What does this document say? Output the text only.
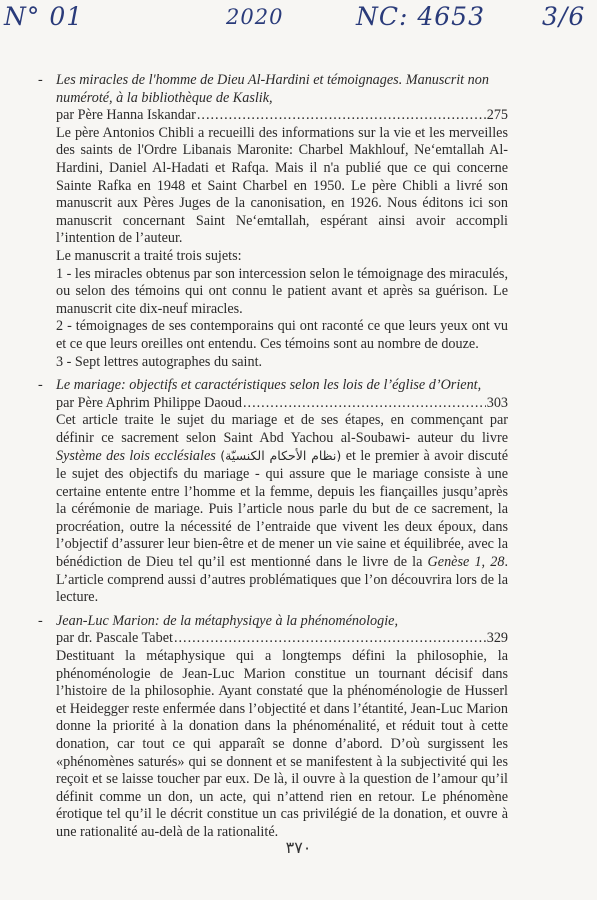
N° 01	2020	NC: 4653 3/6
- Les miracles de l'homme de Dieu Al-Hardini et témoignages. Manuscrit non numéroté, à la bibliothèque de Kaslik,
par Père Hanna Iskandar .....	275

Le père Antonios Chibli a recueilli des informations sur la vie et les merveilles des saints de l'Ordre Libanais Maronite: Charbel Makhlouf, Ne‘emtallah Al-Hardini, Daniel Al-Hadati et Rafqa. Mais il n'a publié que ce qui concerne Sainte Rafka en 1948 et Saint Charbel en 1950. Le père Chibli a livré son manuscrit aux Pères Juges de la canonisation, en 1926. Nous éditons ici son manuscrit concernant Saint Ne‘emtallah, espérant ainsi avoir accompli l’intention de l’auteur.

Le manuscrit a traité trois sujets:

1 - les miracles obtenus par son intercession selon le témoignage des miraculés, ou selon des témoins qui ont connu le patient avant et après sa guérison. Le manuscrit cite dix-neuf miracles.

2 - témoignages de ses contemporains qui ont raconté ce que leurs yeux ont vu et ce que leurs oreilles ont entendu. Ces témoins sont au nombre de douze.

3 - Sept lettres autographes du saint.

- Le mariage: objectifs et caractéristiques selon les lois de l’église d’Orient,
par Père Aphrim Philippe Daoud .....	303

Cet article traite le sujet du mariage et de ses étapes, en commençant par définir ce sacrement selon Saint Abd Yachou al-Soubawi- auteur du livre Système des lois ecclésiales (نظام الأحكام الكنسيّة) et le premier à avoir discuté le sujet des objectifs du mariage - qui assure que le mariage consiste à une certaine entente entre l’homme et la femme, depuis les fiançailles jusqu’après la cérémonie de mariage. Puis l’article nous parle du but de ce sacrement, la procréation, outre la nécessité de l’entraide que vivent les deux époux, dans l’objectif d’assurer leur bien-être et de mener un vie saine et équilibrée, avec la bénédiction de Dieu tel qu’il est mentionné dans le livre de la Genèse 1, 28. L’article comprend aussi d’autres problématiques que l’on découvrira lors de la lecture.

- Jean-Luc Marion: de la métaphysiqye à la phénoménologie,
par dr. Pascale Tabet .....	329

Destituant la métaphysique qui a longtemps défini la philosophie, la phénoménologie de Jean-Luc Marion constitue un tournant décisif dans l’histoire de la philosophie. Ayant constaté que la phénoménologie de Husserl et Heidegger reste enfermée dans l’objectité et dans l’étantité, Jean-Luc Marion donne la priorité à la donation dans la phénoménalité, et réduit tout à cette donation, car tout ce qui apparaît se donne d’abord. D’où surgissent les «phénomènes saturés» qui se donnent et se manifestent à la subjectivité qui les reçoit et se laisse toucher par eux. De là, il ouvre à la question de l’amour qu’il définit comme un don, un acte, qui n’attend rien en retour. Le phénomène érotique tel qu’il le décrit constitue un cas privilégié de la donation, et ouvre à une rationalité au-delà de la rationalité.

٣٧٠
